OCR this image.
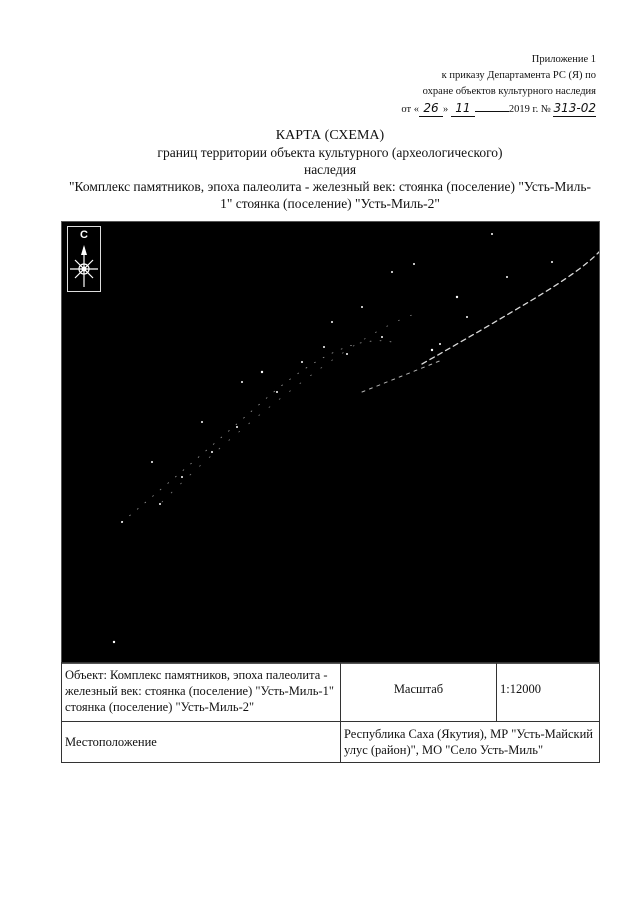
Приложение 1
к приказу Департамента РС (Я) по
охране объектов культурного наследия
от « 26 » 11	2019 г. № 313-02
КАРТА (СХЕМА)
границ территории объекта культурного (археологического)
наследия
"Комплекс памятников, эпоха палеолита - железный век: стоянка (поселение) "Усть-Миль-
1" стоянка (поселение) "Усть-Миль-2"
С
Объект: Комплекс памятников, эпоха палеолита - железный век: стоянка (поселение) "Усть-Миль-1" стоянка (поселение) "Усть-Миль-2"	Масштаб	1:12000
Местоположение	Республика Саха (Якутия), МР "Усть-Майский улус (район)", МО "Село Усть-Миль"	
